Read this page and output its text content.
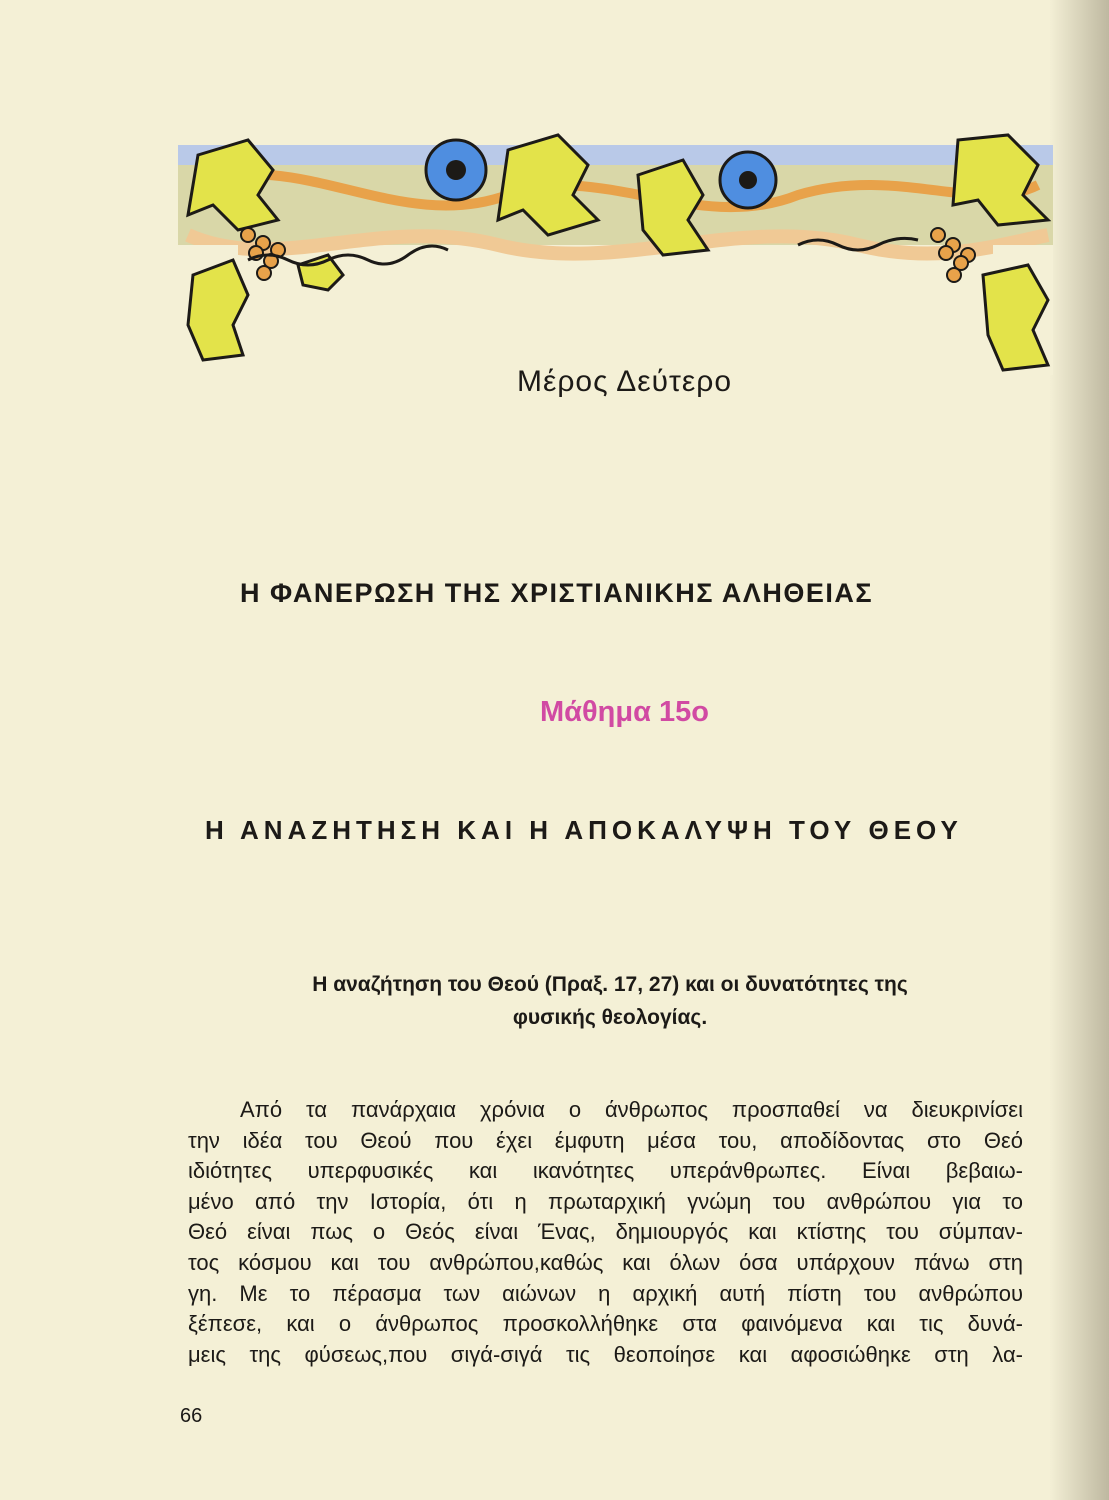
Μέρος Δεύτερο
Η ΦΑΝΕΡΩΣΗ ΤΗΣ ΧΡΙΣΤΙΑΝΙΚΗΣ ΑΛΗΘΕΙΑΣ
Μάθημα 15ο
Η ΑΝΑΖΗΤΗΣΗ ΚΑΙ Η ΑΠΟΚΑΛΥΨΗ ΤΟΥ ΘΕΟΥ
Η αναζήτηση του Θεού (Πραξ. 17, 27) και οι δυνατότητες της
φυσικής θεολογίας.
Από τα πανάρχαια χρόνια ο άνθρωπος προσπαθεί να διευκρινίσει
την ιδέα του Θεού που έχει έμφυτη μέσα του, αποδίδοντας στο Θεό
ιδιότητες υπερφυσικές και ικανότητες υπεράνθρωπες. Είναι βεβαιω-
μένο από την Ιστορία, ότι η πρωταρχική γνώμη του ανθρώπου για το
Θεό είναι πως ο Θεός είναι Ένας, δημιουργός και κτίστης του σύμπαν-
τος κόσμου και του ανθρώπου,καθώς και όλων όσα υπάρχουν πάνω στη
γη. Με το πέρασμα των αιώνων η αρχική αυτή πίστη του ανθρώπου
ξέπεσε, και ο άνθρωπος προσκολλήθηκε στα φαινόμενα και τις δυνά-
μεις της φύσεως,που σιγά-σιγά τις θεοποίησε και αφοσιώθηκε στη λα-
66
